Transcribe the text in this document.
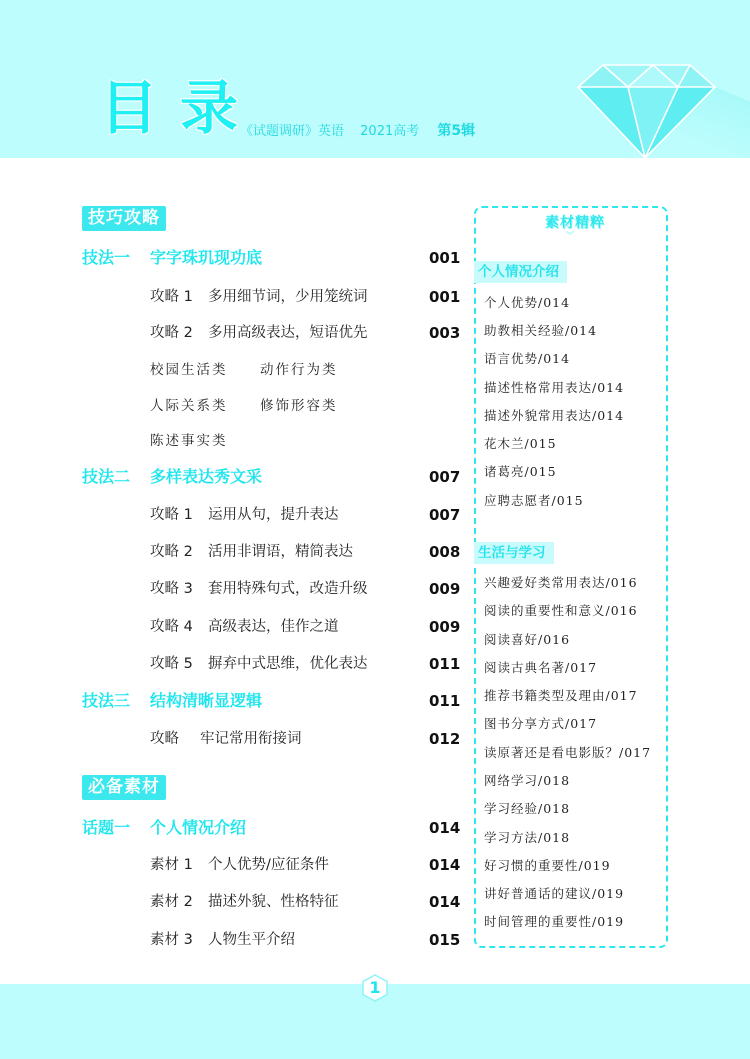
目录
《试题调研》英语 2021高考 第5辑
技巧攻略
技法一 字字珠玑现功底	001
攻略 1 多用细节词，少用笼统词	001
攻略 2 多用高级表达，短语优先	003
校园生活类 动作行为类
人际关系类 修饰形容类
陈述事实类
技法二 多样表达秀文采	007
攻略 1 运用从句，提升表达	007
攻略 2 活用非谓语，精简表达	008
攻略 3 套用特殊句式，改造升级	009
攻略 4 高级表达，佳作之道	009
攻略 5 摒弃中式思维，优化表达	011
技法三 结构清晰显逻辑	011
攻略 牢记常用衔接词	012
必备素材
话题一 个人情况介绍	014
素材 1 个人优势/应征条件	014
素材 2 描述外貌、性格特征	014
素材 3 人物生平介绍	015
素材精粹
︾
个人情况介绍
个人优势/014
助教相关经验/014
语言优势/014
描述性格常用表达/014
描述外貌常用表达/014
花木兰/015
诸葛亮/015
应聘志愿者/015
生活与学习
兴趣爱好类常用表达/016
阅读的重要性和意义/016
阅读喜好/016
阅读古典名著/017
推荐书籍类型及理由/017
图书分享方式/017
读原著还是看电影版？/017
网络学习/018
学习经验/018
学习方法/018
好习惯的重要性/019
讲好普通话的建议/019
时间管理的重要性/019
1
